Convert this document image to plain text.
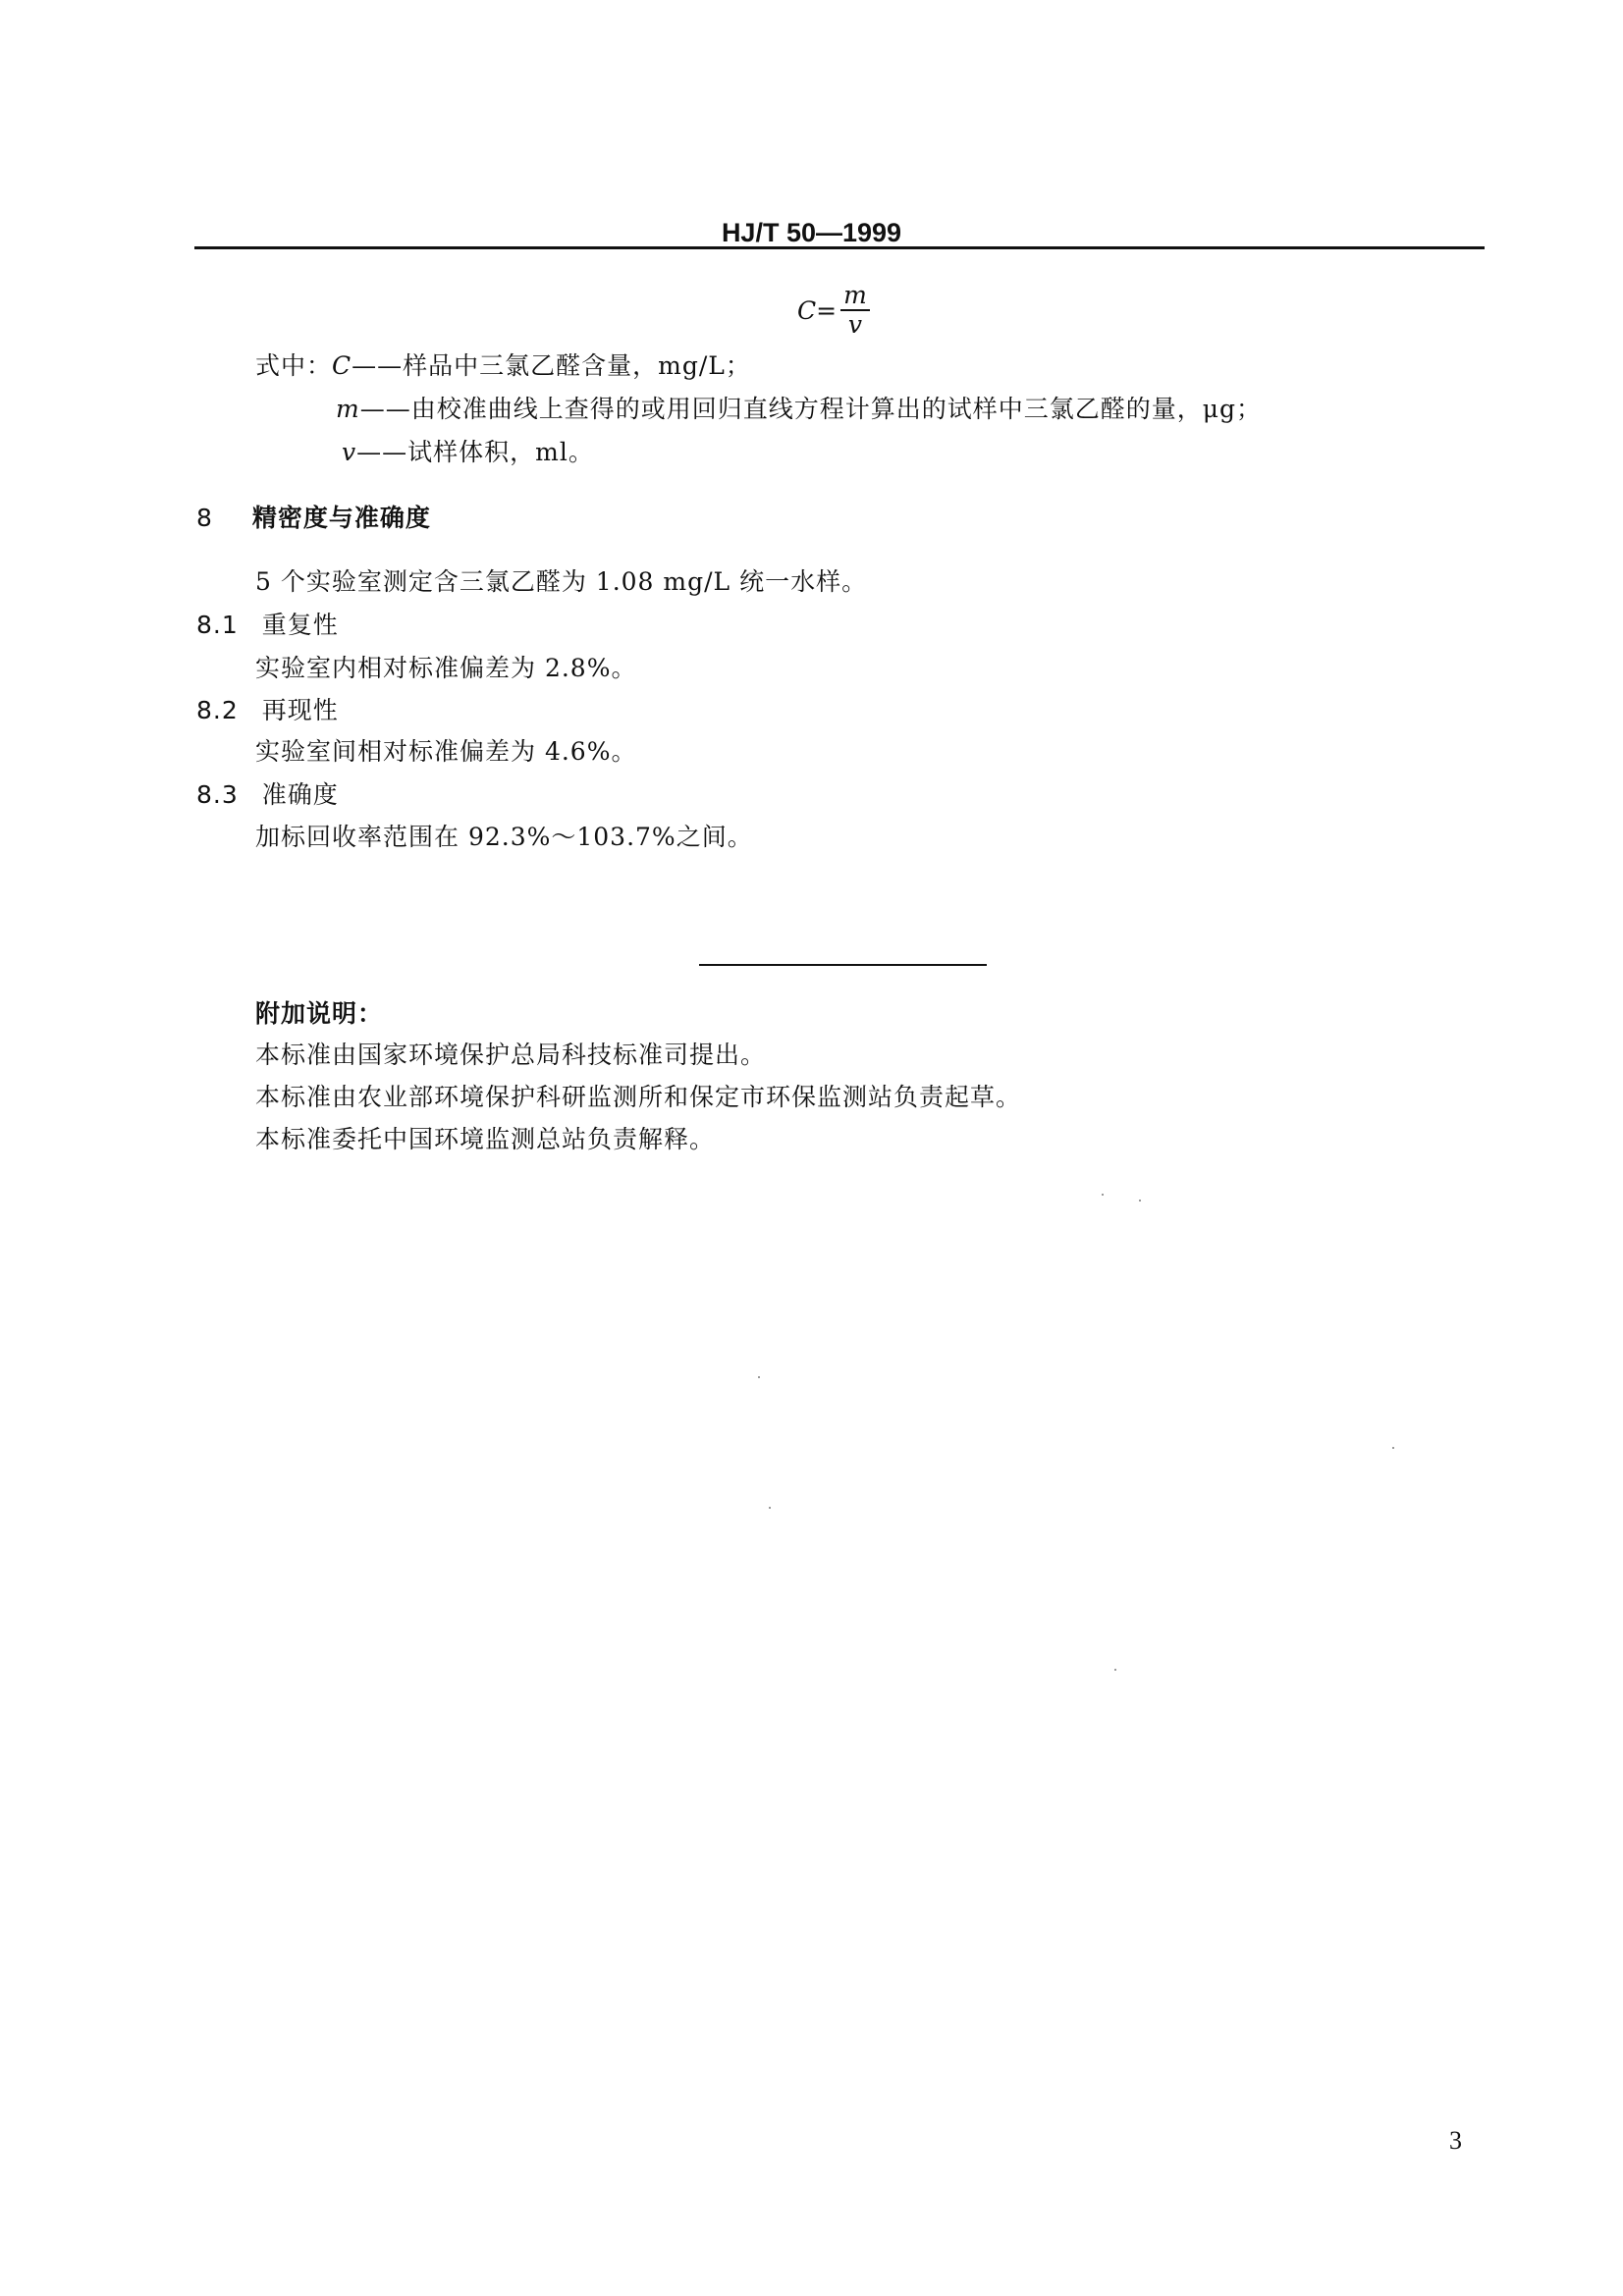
HJ/T 50—1999
$C= \frac{m}{v}$
式中：C——样品中三氯乙醛含量，mg/L；
m——由校准曲线上查得的或用回归直线方程计算出的试样中三氯乙醛的量，μg；
v——试样体积，ml。
8 精密度与准确度
5 个实验室测定含三氯乙醛为 1.08 mg/L 统一水样。
8.1 重复性
实验室内相对标准偏差为 2.8%。
8.2 再现性
实验室间相对标准偏差为 4.6%。
8.3 准确度
加标回收率范围在 92.3%～103.7%之间。
附加说明：
本标准由国家环境保护总局科技标准司提出。
本标准由农业部环境保护科研监测所和保定市环保监测站负责起草。
本标准委托中国环境监测总站负责解释。
3
